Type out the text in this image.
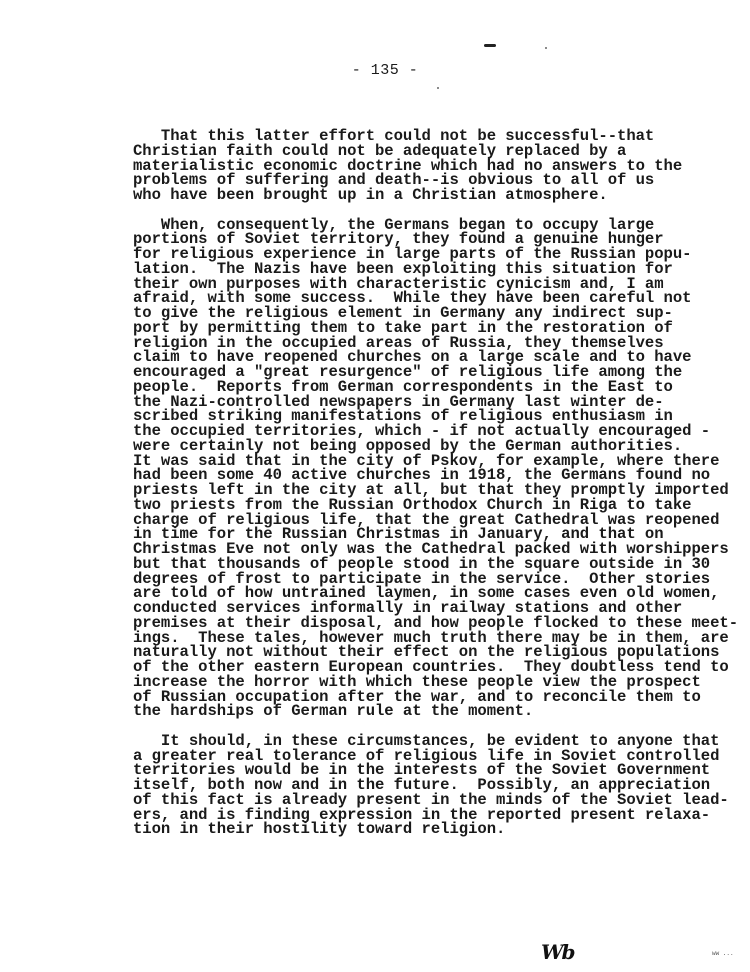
- 135 -
That this latter effort could not be successful--that
Christian faith could not be adequately replaced by a
materialistic economic doctrine which had no answers to the
problems of suffering and death--is obvious to all of us
who have been brought up in a Christian atmosphere.
When, consequently, the Germans began to occupy large
portions of Soviet territory, they found a genuine hunger
for religious experience in large parts of the Russian popu-
lation.  The Nazis have been exploiting this situation for
their own purposes with characteristic cynicism and, I am
afraid, with some success.  While they have been careful not
to give the religious element in Germany any indirect sup-
port by permitting them to take part in the restoration of
religion in the occupied areas of Russia, they themselves
claim to have reopened churches on a large scale and to have
encouraged a "great resurgence" of religious life among the
people.  Reports from German correspondents in the East to
the Nazi-controlled newspapers in Germany last winter de-
scribed striking manifestations of religious enthusiasm in
the occupied territories, which - if not actually encouraged -
were certainly not being opposed by the German authorities.
It was said that in the city of Pskov, for example, where there
had been some 40 active churches in 1918, the Germans found no
priests left in the city at all, but that they promptly imported
two priests from the Russian Orthodox Church in Riga to take
charge of religious life, that the great Cathedral was reopened
in time for the Russian Christmas in January, and that on
Christmas Eve not only was the Cathedral packed with worshippers
but that thousands of people stood in the square outside in 30
degrees of frost to participate in the service.  Other stories
are told of how untrained laymen, in some cases even old women,
conducted services informally in railway stations and other
premises at their disposal, and how people flocked to these meet-
ings.  These tales, however much truth there may be in them, are
naturally not without their effect on the religious populations
of the other eastern European countries.  They doubtless tend to
increase the horror with which these people view the prospect
of Russian occupation after the war, and to reconcile them to
the hardships of German rule at the moment.
It should, in these circumstances, be evident to anyone that
a greater real tolerance of religious life in Soviet controlled
territories would be in the interests of the Soviet Government
itself, both now and in the future.  Possibly, an appreciation
of this fact is already present in the minds of the Soviet lead-
ers, and is finding expression in the reported present relaxa-
tion in their hostility toward religion.
Wb	ww ...
